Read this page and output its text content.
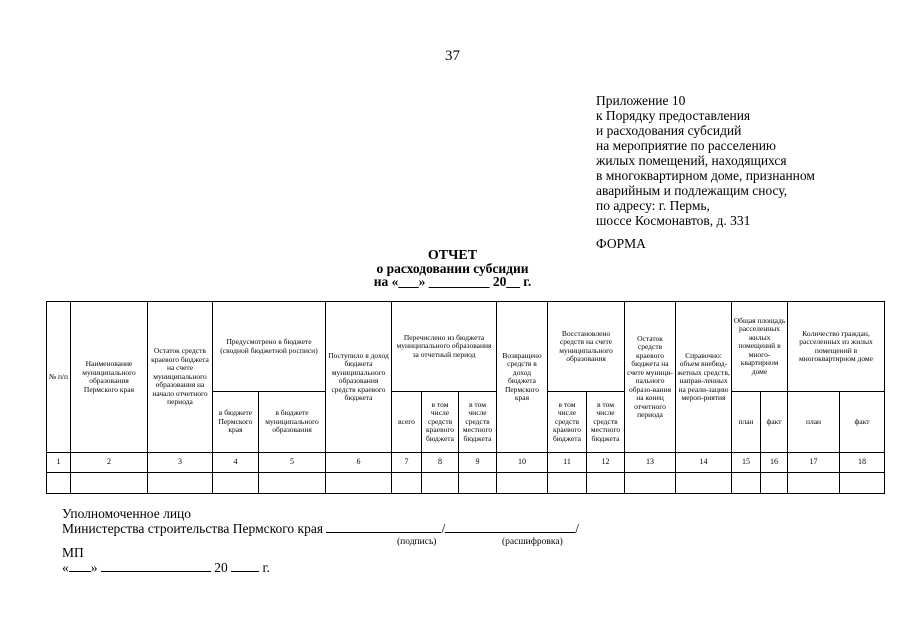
37
Приложение 10
к Порядку предоставления
и расходования субсидий
на мероприятие по расселению
жилых помещений, находящихся
в многоквартирном доме, признанном
аварийным и подлежащим сносу,
по адресу: г. Пермь,
шоссе Космонавтов, д. 331
ФОРМА
ОТЧЕТ
о расходовании субсидии
на «___» _________ 20__ г.
№ п/п	Наименование муниципального образования Пермского края	Остаток средств краевого бюджета на счете муниципального образования на начало отчетного периода	Предусмотрено в бюджете (сводной бюджетной росписи)		Поступило в доход бюджета муниципального образования средств краевого бюджета	Перечислено из бюджета муниципального образования за отчетный период			Возвращено средств в доход бюджета Пермского края	Восстановлено средств на счете муниципального образования		Остаток средств краевого бюджета на счете муници-пального образо-вания на конец отчетного периода	Справочно: объем внебюд-жетных средств, направ-ленных на реали-зацию мероп-риятия	Общая площадь расселенных жилых помещений в много-квартирном доме		Количество граждан, расселенных из жилых помещений в многоквартирном доме	
			в бюджете Пермского края	в бюджете муниципального образования		всего	в том числе средств краевого бюджета	в том числе средств местного бюджета		в том числе средств краевого бюджета	в том числе средств местного бюджета			план	факт	план	факт
1	2	3	4	5	6	7	8	9	10	11	12	13	14	15	16	17	18

Уполномоченное лицо
Министерства строительства Пермского края	/	/
(подпись)	(расшифровка)
МП
« »	20	г.
